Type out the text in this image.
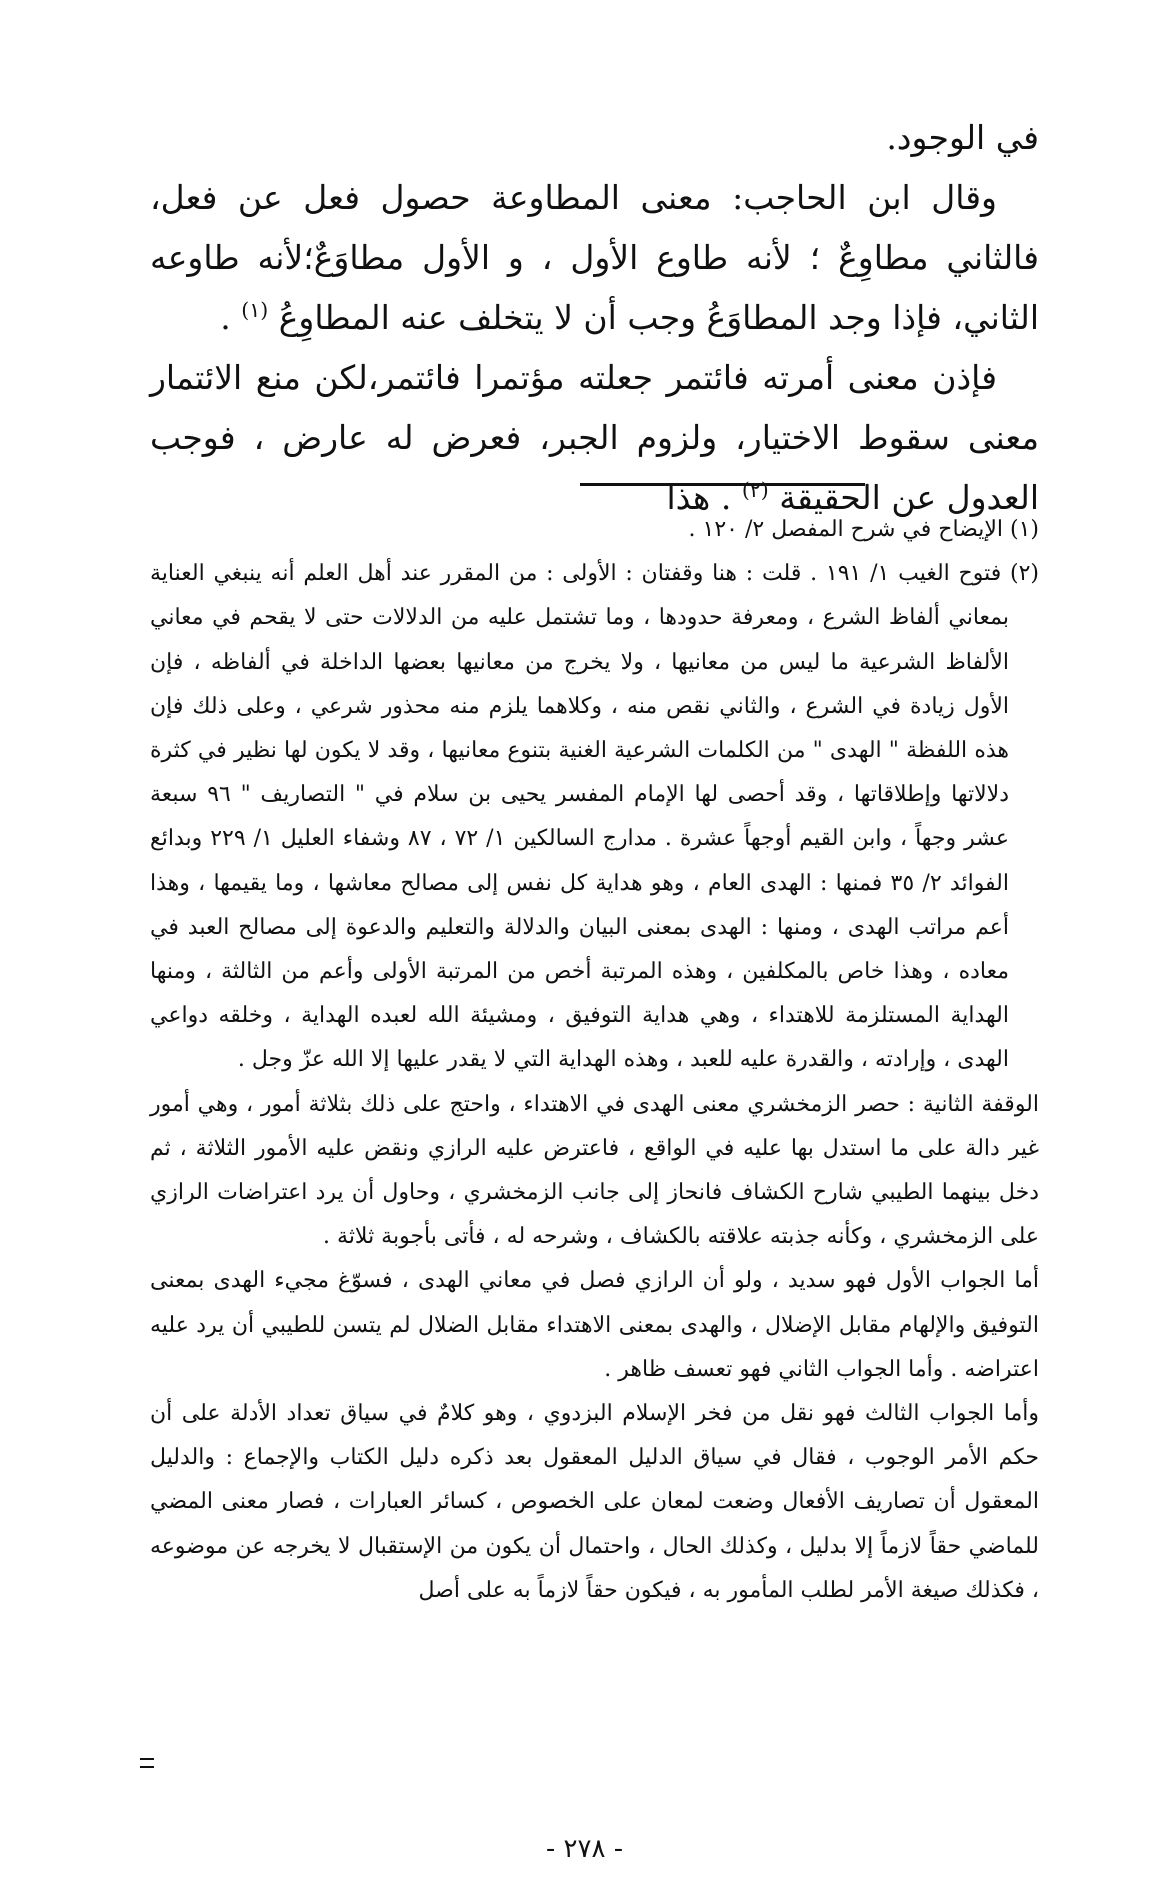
في الوجود.

وقال ابن الحاجب: معنى المطاوعة حصول فعل عن فعل، فالثاني مطاوِعٌ ؛ لأنه طاوع الأول ، و الأول مطاوَعٌ؛لأنه طاوعه الثاني، فإذا وجد المطاوَعُ وجب أن لا يتخلف عنه المطاوِعُ $^{(١)}$ .

فإذن معنى أمرته فائتمر جعلته مؤتمرا فائتمر،لكن منع الائتمار معنى سقوط الاختيار، ولزوم الجبر، فعرض له عارض ، فوجب العدول عن الحقيقة $^{(٢)}$ . هذا

(١) الإيضاح في شرح المفصل ٢/ ١٢٠ .

(٢) فتوح الغيب ١/ ١٩١ . قلت : هنا وقفتان : الأولى : من المقرر عند أهل العلم أنه ينبغي العناية بمعاني ألفاظ الشرع ، ومعرفة حدودها ، وما تشتمل عليه من الدلالات حتى لا يقحم في معاني الألفاظ الشرعية ما ليس من معانيها ، ولا يخرج من معانيها بعضها الداخلة في ألفاظه ، فإن الأول زيادة في الشرع ، والثاني نقص منه ، وكلاهما يلزم منه محذور شرعي ، وعلى ذلك فإن هذه اللفظة " الهدى " من الكلمات الشرعية الغنية بتنوع معانيها ، وقد لا يكون لها نظير في كثرة دلالاتها وإطلاقاتها ، وقد أحصى لها الإمام المفسر يحيى بن سلام في " التصاريف " ٩٦ سبعة عشر وجهاً ، وابن القيم أوجهاً عشرة . مدارج السالكين ١/ ٧٢ ، ٨٧ وشفاء العليل ١/ ٢٢٩ وبدائع الفوائد ٢/ ٣٥ فمنها : الهدى العام ، وهو هداية كل نفس إلى مصالح معاشها ، وما يقيمها ، وهذا أعم مراتب الهدى ، ومنها : الهدى بمعنى البيان والدلالة والتعليم والدعوة إلى مصالح العبد في معاده ، وهذا خاص بالمكلفين ، وهذه المرتبة أخص من المرتبة الأولى وأعم من الثالثة ، ومنها الهداية المستلزمة للاهتداء ، وهي هداية التوفيق ، ومشيئة الله لعبده الهداية ، وخلقه دواعي الهدى ، وإرادته ، والقدرة عليه للعبد ، وهذه الهداية التي لا يقدر عليها إلا الله عزّ وجل .

الوقفة الثانية : حصر الزمخشري معنى الهدى في الاهتداء ، واحتج على ذلك بثلاثة أمور ، وهي أمور غير دالة على ما استدل بها عليه في الواقع ، فاعترض عليه الرازي ونقض عليه الأمور الثلاثة ، ثم دخل بينهما الطيبي شارح الكشاف فانحاز إلى جانب الزمخشري ، وحاول أن يرد اعتراضات الرازي على الزمخشري ، وكأنه جذبته علاقته بالكشاف ، وشرحه له ، فأتى بأجوبة ثلاثة .

أما الجواب الأول فهو سديد ، ولو أن الرازي فصل في معاني الهدى ، فسوّغ مجيء الهدى بمعنى التوفيق والإلهام مقابل الإضلال ، والهدى بمعنى الاهتداء مقابل الضلال لم يتسن للطيبي أن يرد عليه اعتراضه . وأما الجواب الثاني فهو تعسف ظاهر .

وأما الجواب الثالث فهو نقل من فخر الإسلام البزدوي ، وهو كلامٌ في سياق تعداد الأدلة على أن حكم الأمر الوجوب ، فقال في سياق الدليل المعقول بعد ذكره دليل الكتاب والإجماع : والدليل المعقول أن تصاريف الأفعال وضعت لمعان على الخصوص ، كسائر العبارات ، فصار معنى المضي للماضي حقاً لازماً إلا بدليل ، وكذلك الحال ، واحتمال أن يكون من الإستقبال لا يخرجه عن موضوعه ، فكذلك صيغة الأمر لطلب المأمور به ، فيكون حقاً لازماً به على أصل

- ٢٧٨ -
